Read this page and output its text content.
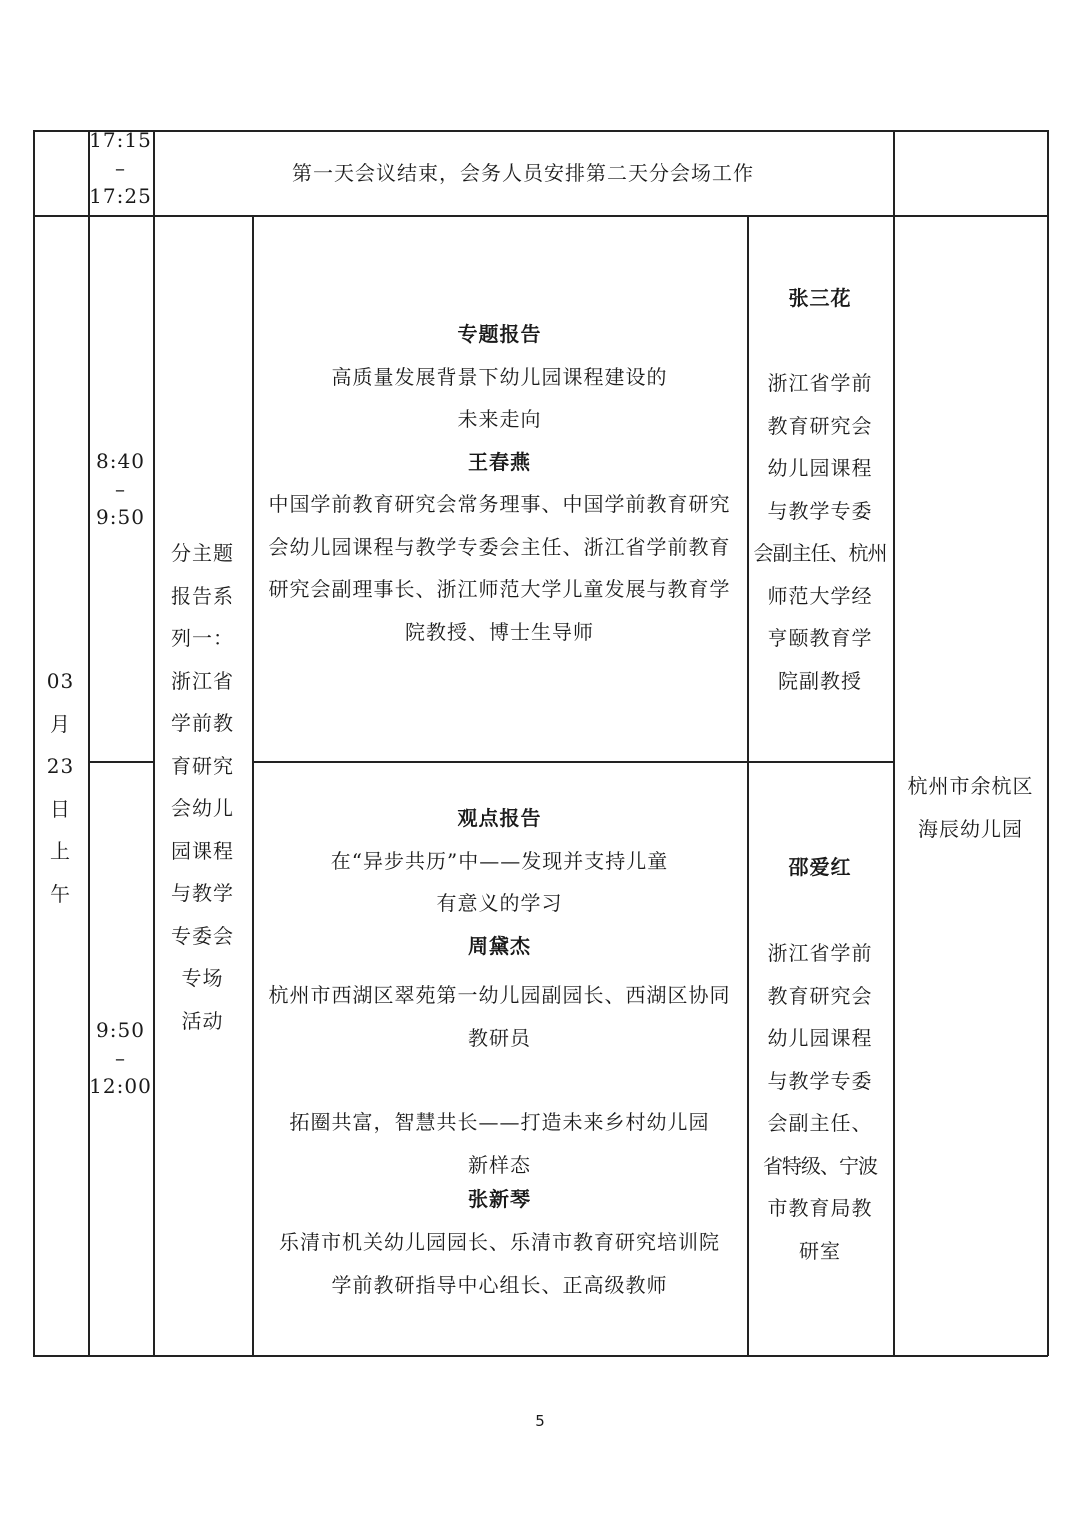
17:15
–
17:25
第一天会议结束，会务人员安排第二天分会场工作
03
月
23
日
上
午
8:40
–
9:50
9:50
–
12:00
分主题
报告系
列一：
浙江省
学前教
育研究
会幼儿
园课程
与教学
专委会
专场
活动
专题报告
高质量发展背景下幼儿园课程建设的
未来走向
王春燕
中国学前教育研究会常务理事、中国学前教育研究
会幼儿园课程与教学专委会主任、浙江省学前教育
研究会副理事长、浙江师范大学儿童发展与教育学
院教授、博士生导师
张三花
浙江省学前
教育研究会
幼儿园课程
与教学专委
会副主任、杭州
师范大学经
亨颐教育学
院副教授
观点报告
在“异步共历”中——发现并支持儿童
有意义的学习
周黛杰
杭州市西湖区翠苑第一幼儿园副园长、西湖区协同
教研员
拓圈共富，智慧共长——打造未来乡村幼儿园
新样态
张新琴
乐清市机关幼儿园园长、乐清市教育研究培训院
学前教研指导中心组长、正高级教师
邵爱红
浙江省学前
教育研究会
幼儿园课程
与教学专委
会副主任、
省特级、宁波
市教育局教
研室
杭州市余杭区
海辰幼儿园
5
